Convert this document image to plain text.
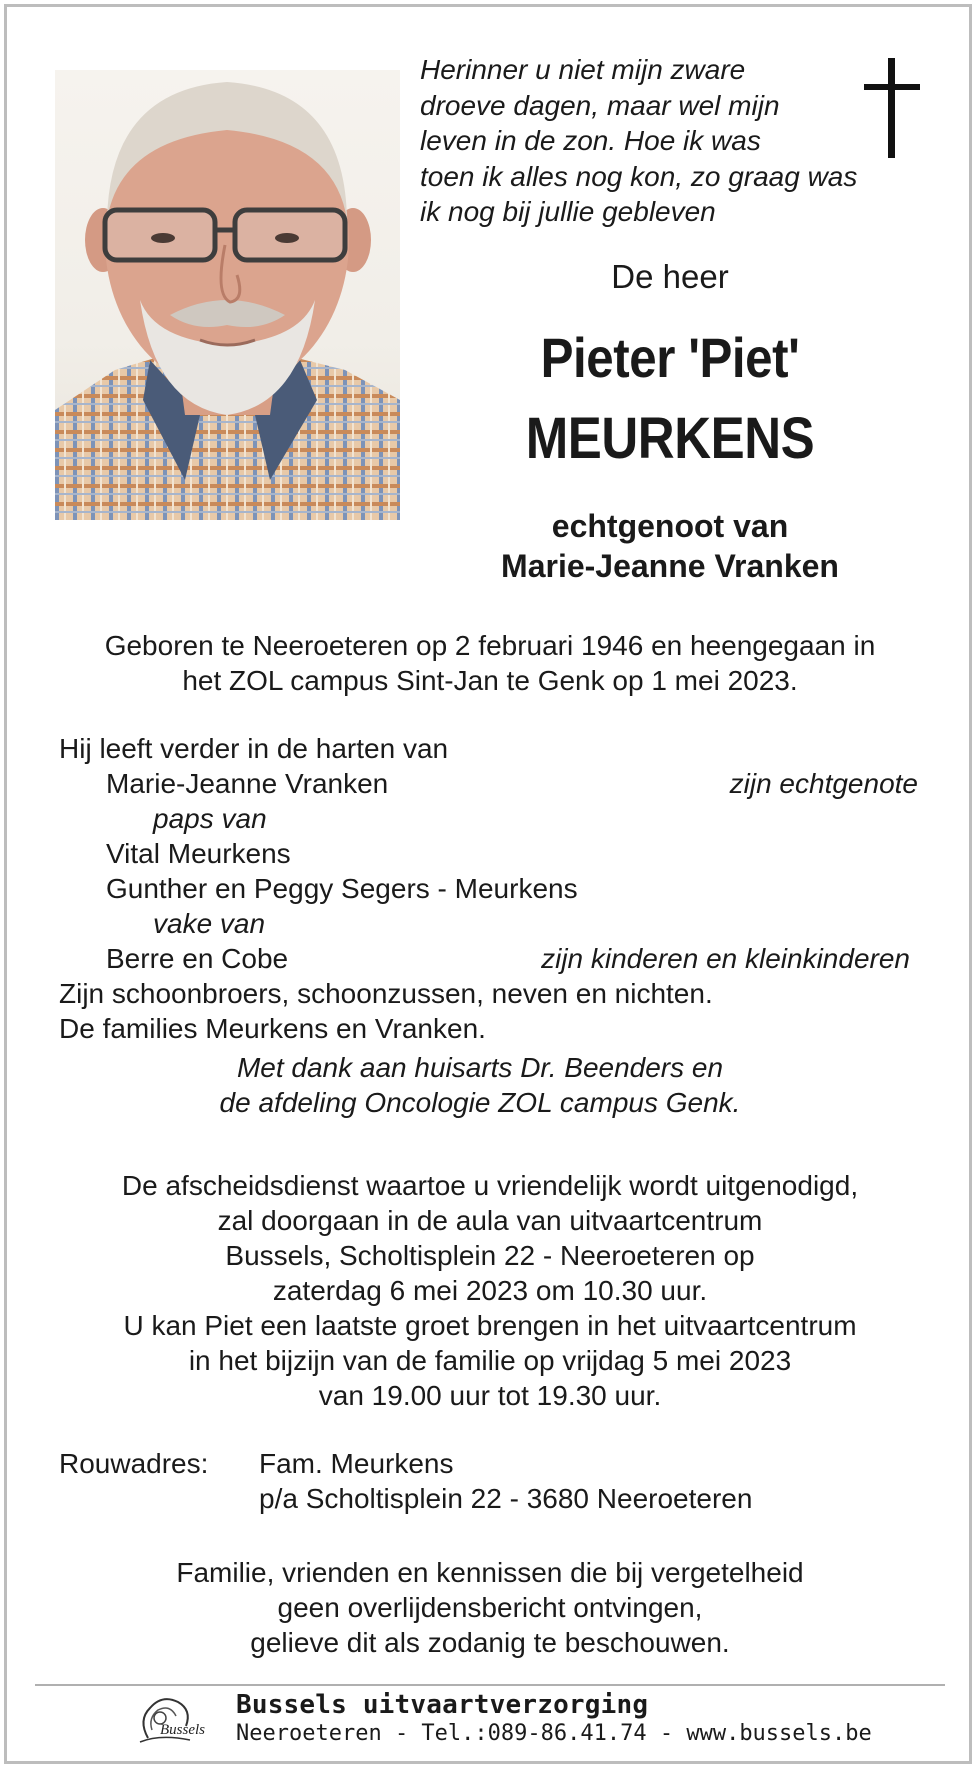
Herinner u niet mijn zware
droeve dagen, maar wel mijn
leven in de zon. Hoe ik was
toen ik alles nog kon, zo graag was
ik nog bij jullie gebleven
De heer
Pieter 'Piet'
MEURKENS
echtgenoot van
Marie-Jeanne Vranken
Geboren te Neeroeteren op 2 februari 1946 en heengegaan in
het ZOL campus Sint-Jan te Genk op 1 mei 2023.
Hij leeft verder in de harten van
Marie-Jeanne Vranken	zijn echtgenote
paps van
Vital Meurkens
Gunther en Peggy Segers - Meurkens
vake van
Berre en Cobe	zijn kinderen en kleinkinderen
Zijn schoonbroers, schoonzussen, neven en nichten.
De families Meurkens en Vranken.
Met dank aan huisarts Dr. Beenders en
de afdeling Oncologie ZOL campus Genk.
De afscheidsdienst waartoe u vriendelijk wordt uitgenodigd,
zal doorgaan in de aula van uitvaartcentrum
Bussels, Scholtisplein 22 - Neeroeteren op
zaterdag 6 mei 2023 om 10.30 uur.
U kan Piet een laatste groet brengen in het uitvaartcentrum
in het bijzijn van de familie op vrijdag 5 mei 2023
van 19.00 uur tot 19.30 uur.
Rouwadres: Fam. Meurkens
p/a Scholtisplein 22 - 3680 Neeroeteren
Familie, vrienden en kennissen die bij vergetelheid
geen overlijdensbericht ontvingen,
gelieve dit als zodanig te beschouwen.
Bussels
Bussels uitvaartverzorging
Neeroeteren - Tel.:089-86.41.74 - www.bussels.be
